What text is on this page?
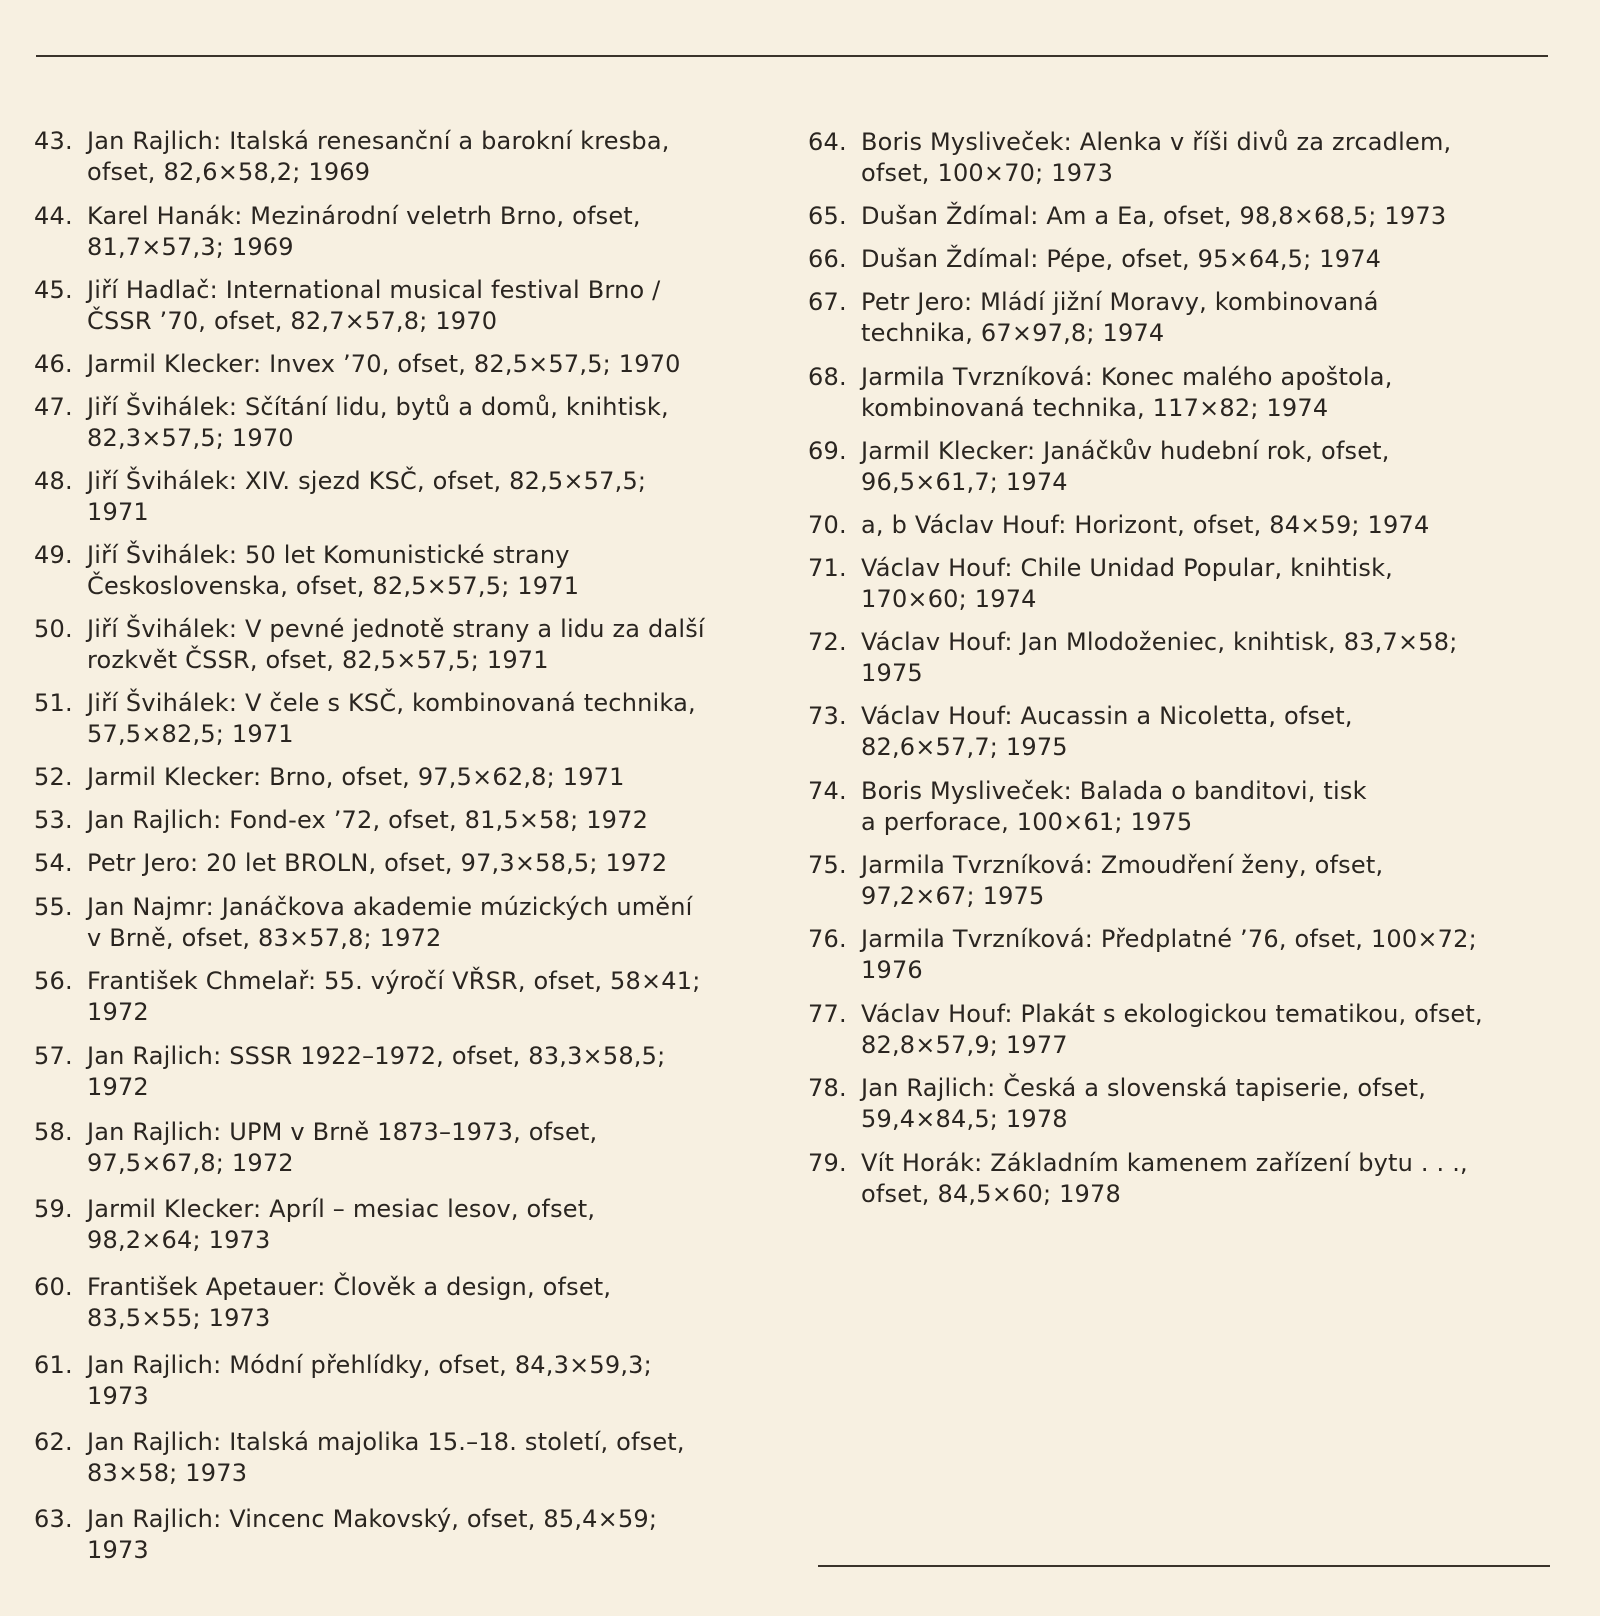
43. Jan Rajlich: Italská renesanční a barokní kresba,
ofset, 82,6×58,2; 1969
44. Karel Hanák: Mezinárodní veletrh Brno, ofset,
81,7×57,3; 1969
45. Jiří Hadlač: International musical festival Brno /
ČSSR ’70, ofset, 82,7×57,8; 1970
46. Jarmil Klecker: Invex ’70, ofset, 82,5×57,5; 1970
47. Jiří Švihálek: Sčítání lidu, bytů a domů, knihtisk,
82,3×57,5; 1970
48. Jiří Švihálek: XIV. sjezd KSČ, ofset, 82,5×57,5;
1971
49. Jiří Švihálek: 50 let Komunistické strany
Československa, ofset, 82,5×57,5; 1971
50. Jiří Švihálek: V pevné jednotě strany a lidu za další
rozkvět ČSSR, ofset, 82,5×57,5; 1971
51. Jiří Švihálek: V čele s KSČ, kombinovaná technika,
57,5×82,5; 1971
52. Jarmil Klecker: Brno, ofset, 97,5×62,8; 1971
53. Jan Rajlich: Fond-ex ’72, ofset, 81,5×58; 1972
54. Petr Jero: 20 let BROLN, ofset, 97,3×58,5; 1972
55. Jan Najmr: Janáčkova akademie múzických umění
v Brně, ofset, 83×57,8; 1972
56. František Chmelař: 55. výročí VŘSR, ofset, 58×41;
1972
57. Jan Rajlich: SSSR 1922–1972, ofset, 83,3×58,5;
1972
58. Jan Rajlich: UPM v Brně 1873–1973, ofset,
97,5×67,8; 1972
59. Jarmil Klecker: Apríl – mesiac lesov, ofset,
98,2×64; 1973
60. František Apetauer: Člověk a design, ofset,
83,5×55; 1973
61. Jan Rajlich: Módní přehlídky, ofset, 84,3×59,3;
1973
62. Jan Rajlich: Italská majolika 15.–18. století, ofset,
83×58; 1973
63. Jan Rajlich: Vincenc Makovský, ofset, 85,4×59;
1973
64. Boris Mysliveček: Alenka v říši divů za zrcadlem,
ofset, 100×70; 1973
65. Dušan Ždímal: Am a Ea, ofset, 98,8×68,5; 1973
66. Dušan Ždímal: Pépe, ofset, 95×64,5; 1974
67. Petr Jero: Mládí jižní Moravy, kombinovaná
technika, 67×97,8; 1974
68. Jarmila Tvrzníková: Konec malého apoštola,
kombinovaná technika, 117×82; 1974
69. Jarmil Klecker: Janáčkův hudební rok, ofset,
96,5×61,7; 1974
70. a, b Václav Houf: Horizont, ofset, 84×59; 1974
71. Václav Houf: Chile Unidad Popular, knihtisk,
170×60; 1974
72. Václav Houf: Jan Mlodoženiec, knihtisk, 83,7×58;
1975
73. Václav Houf: Aucassin a Nicoletta, ofset,
82,6×57,7; 1975
74. Boris Mysliveček: Balada o banditovi, tisk
a perforace, 100×61; 1975
75. Jarmila Tvrzníková: Zmoudření ženy, ofset,
97,2×67; 1975
76. Jarmila Tvrzníková: Předplatné ’76, ofset, 100×72;
1976
77. Václav Houf: Plakát s ekologickou tematikou, ofset,
82,8×57,9; 1977
78. Jan Rajlich: Česká a slovenská tapiserie, ofset,
59,4×84,5; 1978
79. Vít Horák: Základním kamenem zařízení bytu . . .,
ofset, 84,5×60; 1978
